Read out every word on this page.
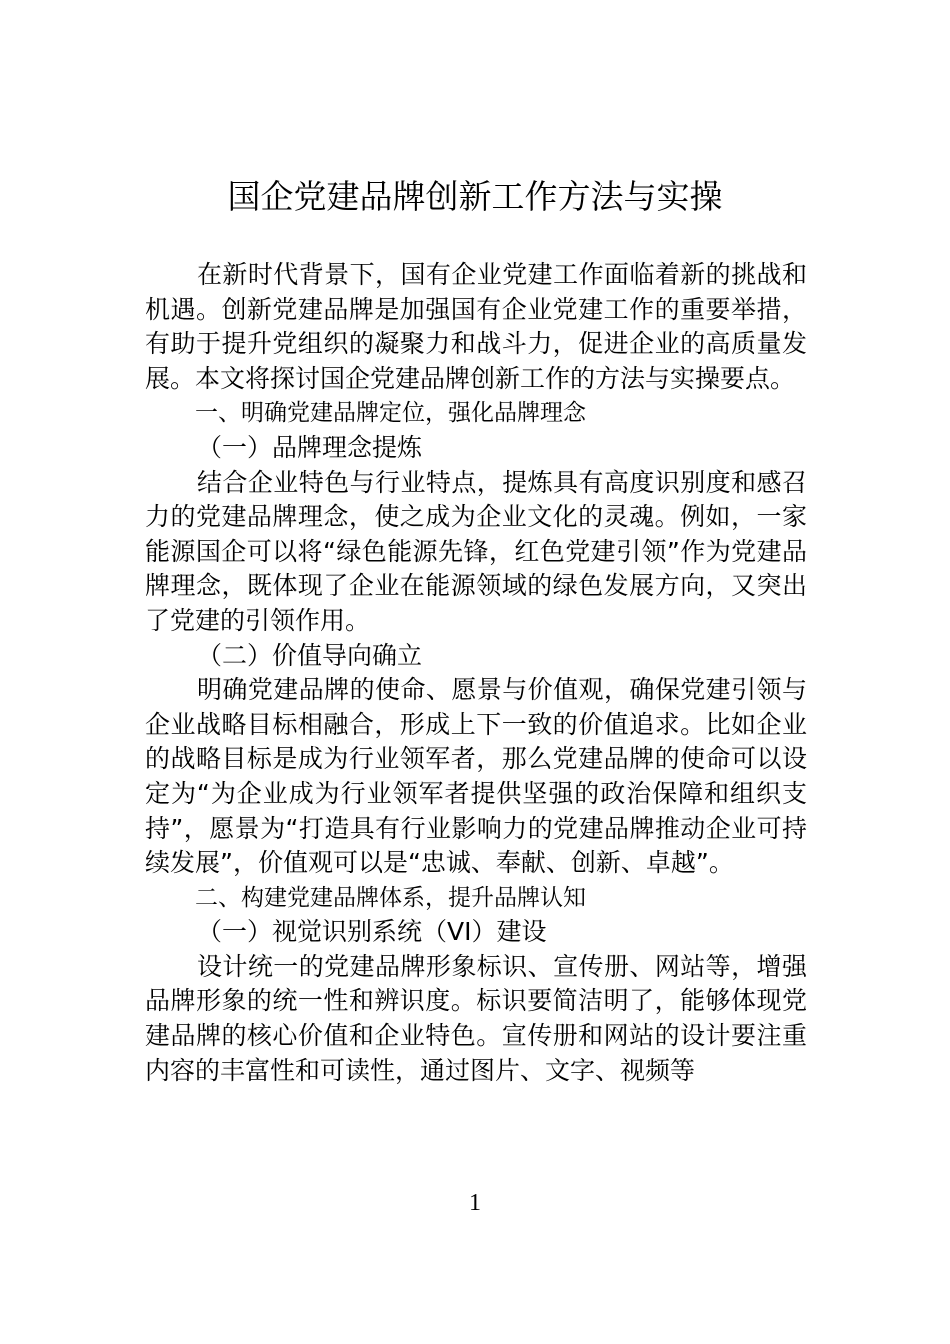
国企党建品牌创新工作方法与实操

在新时代背景下，国有企业党建工作面临着新的挑战和机遇。创新党建品牌是加强国有企业党建工作的重要举措，有助于提升党组织的凝聚力和战斗力，促进企业的高质量发展。本文将探讨国企党建品牌创新工作的方法与实操要点。

一、明确党建品牌定位，强化品牌理念

（一）品牌理念提炼

结合企业特色与行业特点，提炼具有高度识别度和感召力的党建品牌理念，使之成为企业文化的灵魂。例如，一家能源国企可以将“绿色能源先锋，红色党建引领”作为党建品牌理念，既体现了企业在能源领域的绿色发展方向，又突出了党建的引领作用。

（二）价值导向确立

明确党建品牌的使命、愿景与价值观，确保党建引领与企业战略目标相融合，形成上下一致的价值追求。比如企业的战略目标是成为行业领军者，那么党建品牌的使命可以设定为“为企业成为行业领军者提供坚强的政治保障和组织支持”，愿景为“打造具有行业影响力的党建品牌推动企业可持续发展”，价值观可以是“忠诚、奉献、创新、卓越”。

二、构建党建品牌体系，提升品牌认知

（一）视觉识别系统（VI）建设

设计统一的党建品牌形象标识、宣传册、网站等，增强品牌形象的统一性和辨识度。标识要简洁明了，能够体现党建品牌的核心价值和企业特色。宣传册和网站的设计要注重内容的丰富性和可读性，通过图片、文字、视频等

1
